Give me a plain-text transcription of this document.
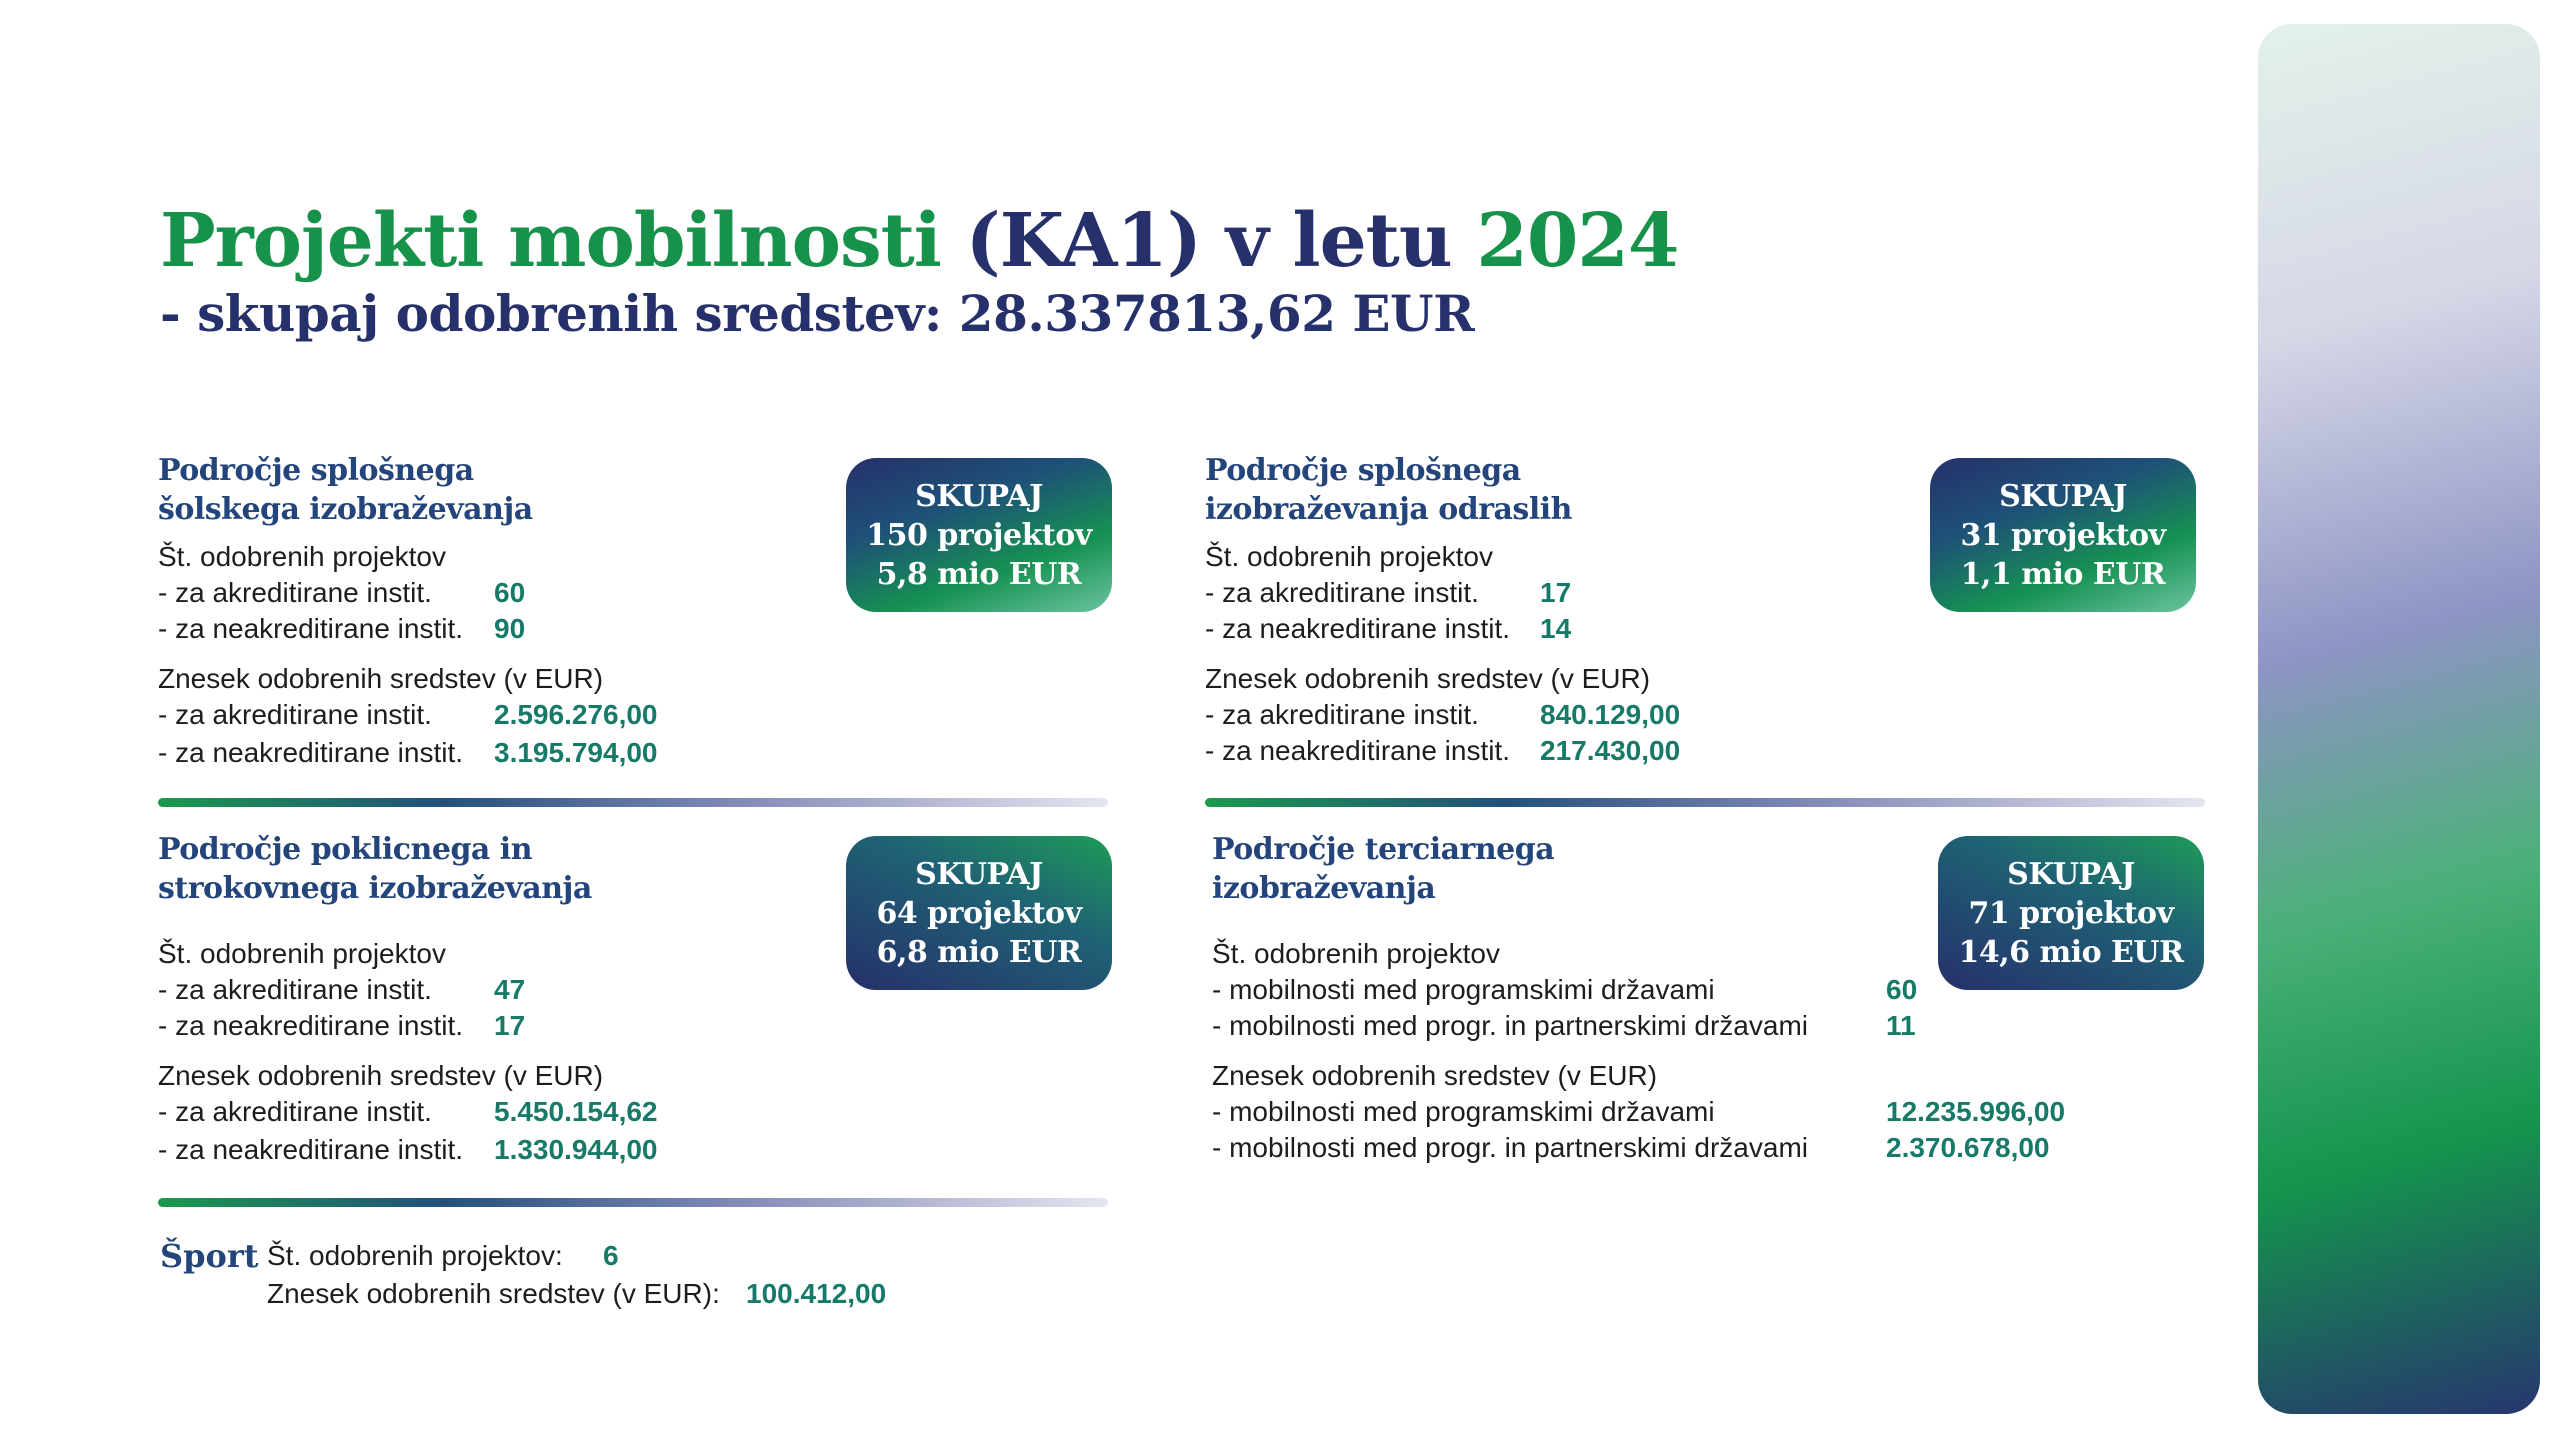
Projekti mobilnosti (KA1) v letu 2024
- skupaj odobrenih sredstev: 28.337813,62 EUR
Področje splošnega
šolskega izobraževanja
Št. odobrenih projektov
- za akreditirane instit. 60
- za neakreditirane instit. 90
Znesek odobrenih sredstev (v EUR)
- za akreditirane instit. 2.596.276,00
- za neakreditirane instit. 3.195.794,00
SKUPAJ
150 projektov
5,8 mio EUR
Področje splošnega
izobraževanja odraslih
Št. odobrenih projektov
- za akreditirane instit. 17
- za neakreditirane instit. 14
Znesek odobrenih sredstev (v EUR)
- za akreditirane instit. 840.129,00
- za neakreditirane instit. 217.430,00
SKUPAJ
31 projektov
1,1 mio EUR
Področje poklicnega in
strokovnega izobraževanja
Št. odobrenih projektov
- za akreditirane instit. 47
- za neakreditirane instit. 17
Znesek odobrenih sredstev (v EUR)
- za akreditirane instit. 5.450.154,62
- za neakreditirane instit. 1.330.944,00
SKUPAJ
64 projektov
6,8 mio EUR
Področje terciarnega
izobraževanja
Št. odobrenih projektov
- mobilnosti med programskimi državami	60
- mobilnosti med progr. in partnerskimi državami	11
Znesek odobrenih sredstev (v EUR)
- mobilnosti med programskimi državami	12.235.996,00
- mobilnosti med progr. in partnerskimi državami	2.370.678,00
SKUPAJ
71 projektov
14,6 mio EUR
Šport Št. odobrenih projektov: 6
Znesek odobrenih sredstev (v EUR): 100.412,00
